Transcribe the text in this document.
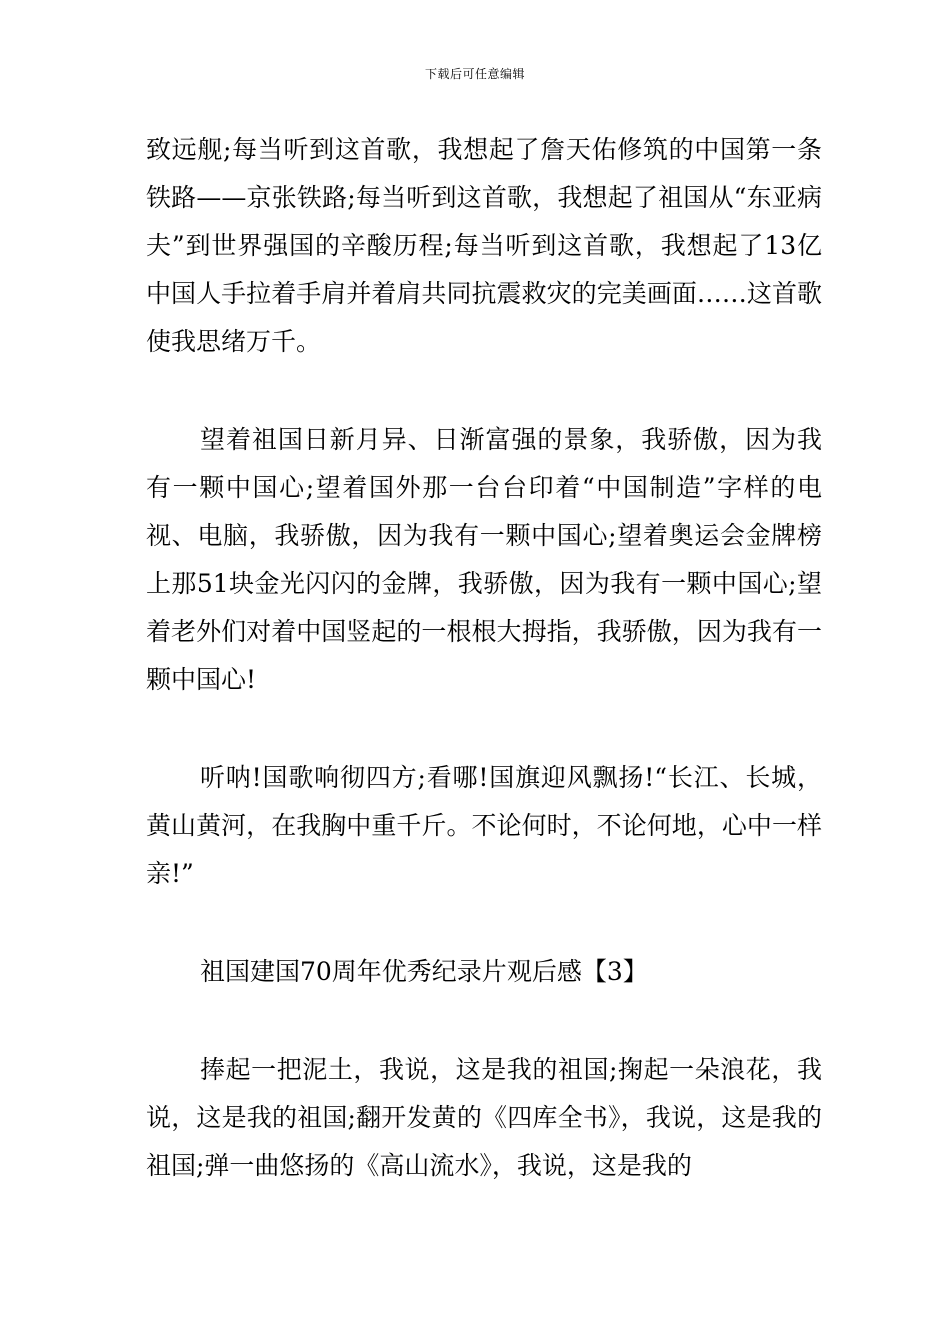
下载后可任意编辑

致远舰;每当听到这首歌，我想起了詹天佑修筑的中国第一条铁路——京张铁路;每当听到这首歌，我想起了祖国从“东亚病夫”到世界强国的辛酸历程;每当听到这首歌，我想起了13亿中国人手拉着手肩并着肩共同抗震救灾的完美画面……这首歌使我思绪万千。

望着祖国日新月异、日渐富强的景象，我骄傲，因为我有一颗中国心;望着国外那一台台印着“中国制造”字样的电视、电脑，我骄傲，因为我有一颗中国心;望着奥运会金牌榜上那51块金光闪闪的金牌，我骄傲，因为我有一颗中国心;望着老外们对着中国竖起的一根根大拇指，我骄傲，因为我有一颗中国心!

听呐!国歌响彻四方;看哪!国旗迎风飘扬!“长江、长城，黄山黄河，在我胸中重千斤。不论何时，不论何地，心中一样亲!”

祖国建国70周年优秀纪录片观后感【3】

捧起一把泥土，我说，这是我的祖国;掬起一朵浪花，我说，这是我的祖国;翻开发黄的《四库全书》，我说，这是我的祖国;弹一曲悠扬的《高山流水》，我说，这是我的
